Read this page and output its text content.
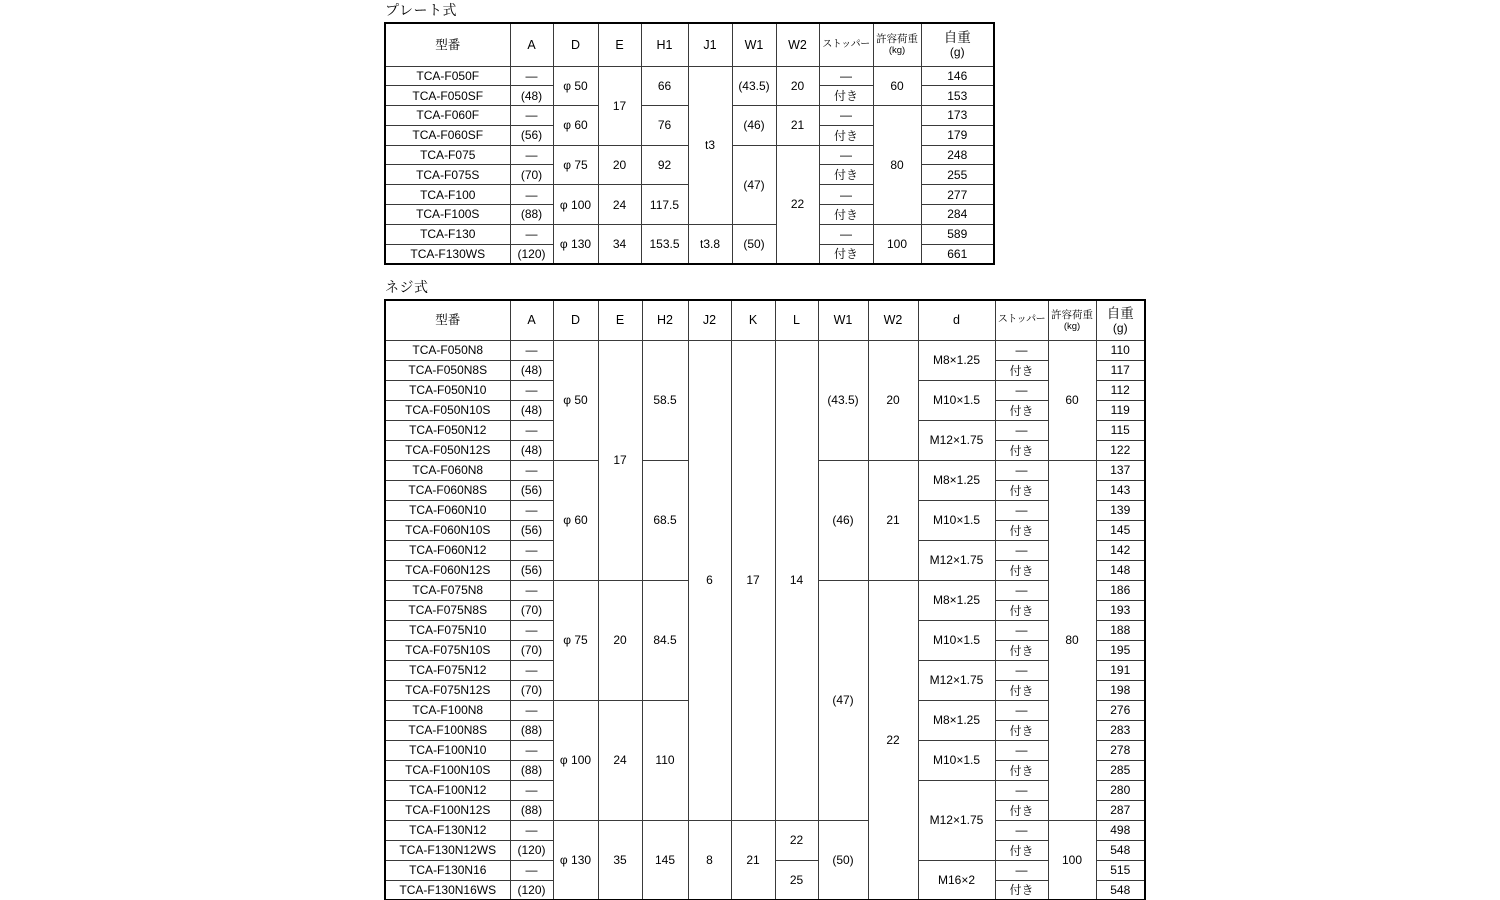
プレート式
型番	A	D	E	H1	J1	W1	W2	ストッパー	許容荷重
(kg)

自重
(g)

TCA-F050F	—	φ 50	17	66	t3	(43.5)	20	—	60	146
TCA-F050SF	(48)							付き		153
TCA-F060F	—	φ 60		76		(46)	21	—	80	173
TCA-F060SF	(56)							付き		179
TCA-F075	—	φ 75	20	92		(47)	22	—		248
TCA-F075S	(70)							付き		255
TCA-F100	—	φ 100	24	117.5				—		277
TCA-F100S	(88)							付き		284
TCA-F130	—	φ 130	34	153.5	t3.8	(50)		—	100	589
TCA-F130WS	(120)							付き		661
ネジ式
型番	A	D	E	H2	J2	K	L	W1	W2	d	ストッパー	許容荷重
(kg)

自重
(g)

TCA-F050N8	—	φ 50	17	58.5	6	17	14	(43.5)	20	M8×1.25	—	60	110
TCA-F050N8S	(48)										付き		117
TCA-F050N10	—									M10×1.5	—		112
TCA-F050N10S	(48)										付き		119
TCA-F050N12	—									M12×1.75	—		115
TCA-F050N12S	(48)										付き		122
TCA-F060N8	—	φ 60		68.5				(46)	21	M8×1.25	—	80	137
TCA-F060N8S	(56)										付き		143
TCA-F060N10	—									M10×1.5	—		139
TCA-F060N10S	(56)										付き		145
TCA-F060N12	—									M12×1.75	—		142
TCA-F060N12S	(56)										付き		148
TCA-F075N8	—	φ 75	20	84.5				(47)	22	M8×1.25	—		186
TCA-F075N8S	(70)										付き		193
TCA-F075N10	—									M10×1.5	—		188
TCA-F075N10S	(70)										付き		195
TCA-F075N12	—									M12×1.75	—		191
TCA-F075N12S	(70)										付き		198
TCA-F100N8	—	φ 100	24	110						M8×1.25	—		276
TCA-F100N8S	(88)										付き		283
TCA-F100N10	—									M10×1.5	—		278
TCA-F100N10S	(88)										付き		285
TCA-F100N12	—									M12×1.75	—		280
TCA-F100N12S	(88)										付き		287
TCA-F130N12	—	φ 130	35	145	8	21	22	(50)			—	100	498
TCA-F130N12WS	(120)										付き		548
TCA-F130N16	—						25			M16×2	—		515
TCA-F130N16WS	(120)										付き		548
